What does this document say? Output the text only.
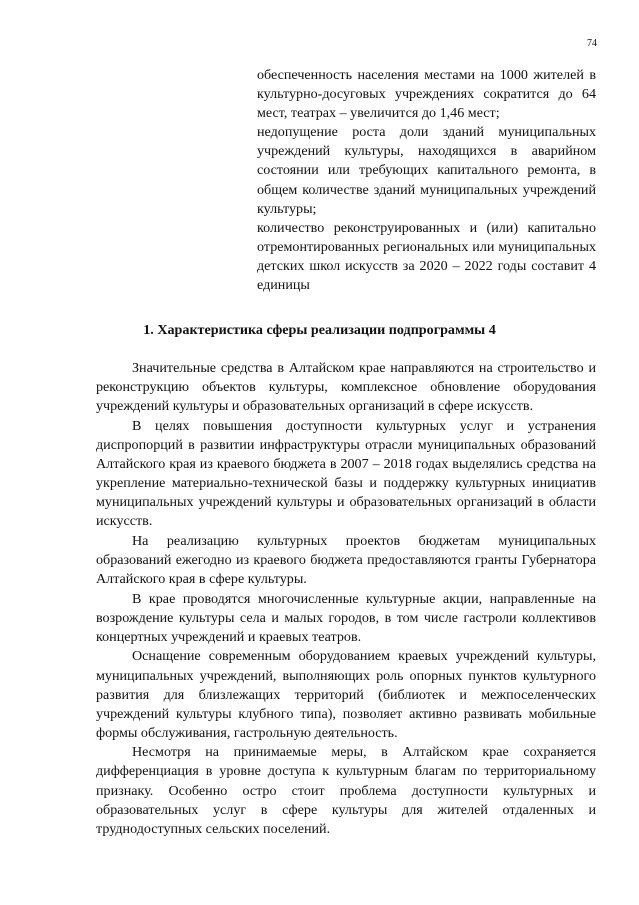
74

обеспеченность населения местами на 1000 жителей в культурно-досуговых учреждениях сократится до 64 мест, театрах – увеличится до 1,46 мест;

недопущение роста доли зданий муниципальных учреждений культуры, находящихся в аварийном состоянии или требующих капитального ремонта, в общем количестве зданий муниципальных учреждений культуры;

количество реконструированных и (или) капитально отремонтированных региональных или муниципальных детских школ искусств за 2020 – 2022 годы составит 4 единицы

1. Характеристика сферы реализации подпрограммы 4

Значительные средства в Алтайском крае направляются на строительство и реконструкцию объектов культуры, комплексное обновление оборудования учреждений культуры и образовательных организаций в сфере искусств.

В целях повышения доступности культурных услуг и устранения диспропорций в развитии инфраструктуры отрасли муниципальных образований Алтайского края из краевого бюджета в 2007 – 2018 годах выделялись средства на укрепление материально-технической базы и поддержку культурных инициатив муниципальных учреждений культуры и образовательных организаций в области искусств.

На реализацию культурных проектов бюджетам муниципальных образований ежегодно из краевого бюджета предоставляются гранты Губернатора Алтайского края в сфере культуры.

В крае проводятся многочисленные культурные акции, направленные на возрождение культуры села и малых городов, в том числе гастроли коллективов концертных учреждений и краевых театров.

Оснащение современным оборудованием краевых учреждений культуры, муниципальных учреждений, выполняющих роль опорных пунктов культурного развития для близлежащих территорий (библиотек и межпоселенческих учреждений культуры клубного типа), позволяет активно развивать мобильные формы обслуживания, гастрольную деятельность.

Несмотря на принимаемые меры, в Алтайском крае сохраняется дифференциация в уровне доступа к культурным благам по территориальному признаку. Особенно остро стоит проблема доступности культурных и образовательных услуг в сфере культуры для жителей отдаленных и труднодоступных сельских поселений.
